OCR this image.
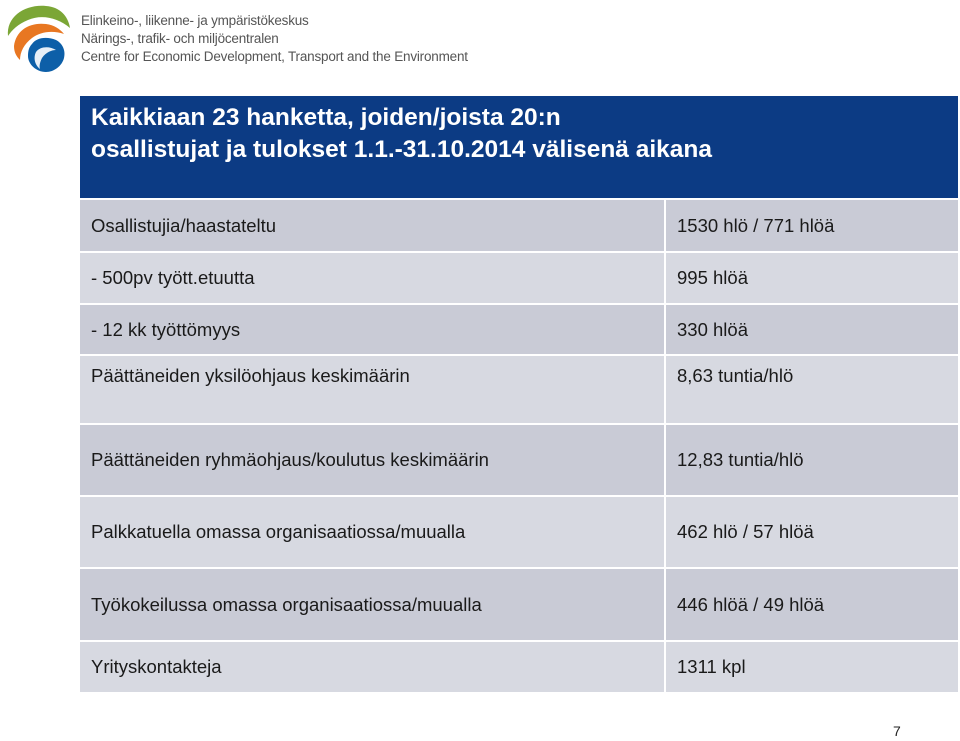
Elinkeino-, liikenne- ja ympäristökeskus
Närings-, trafik- och miljöcentralen
Centre for Economic Development, Transport and the Environment
Kaikkiaan 23 hanketta, joiden/joista 20:n
osallistujat ja tulokset 1.1.-31.10.2014 välisenä aikana
Osallistujia/haastateltu	1530 hlö / 771 hlöä
- 500pv tyött.etuutta	995 hlöä
- 12 kk työttömyys	330 hlöä
Päättäneiden yksilöohjaus keskimäärin	8,63 tuntia/hlö
Päättäneiden ryhmäohjaus/koulutus keskimäärin	12,83 tuntia/hlö
Palkkatuella omassa organisaatiossa/muualla	462 hlö / 57 hlöä
Työkokeilussa omassa organisaatiossa/muualla	446 hlöä / 49 hlöä
Yrityskontakteja	1311 kpl
7
